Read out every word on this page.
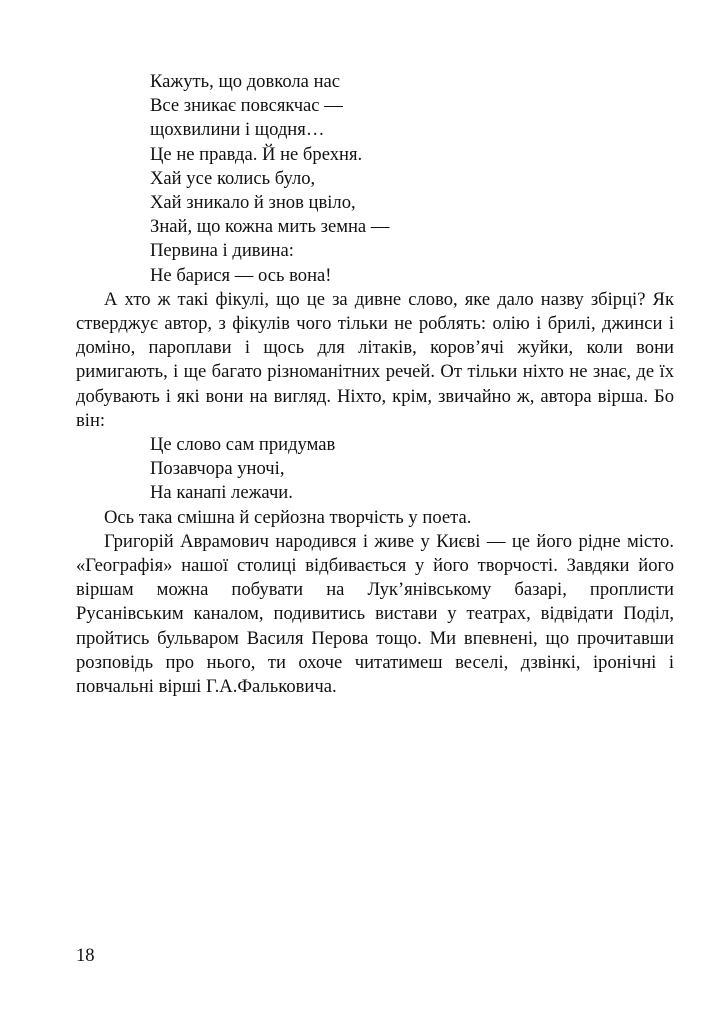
Кажуть, що довкола нас
Все зникає повсякчас —
щохвилини і щодня…
Це не правда. Й не брехня.
Хай усе колись було,
Хай зникало й знов цвіло,
Знай, що кожна мить земна —
Первина і дивина:
Не барися — ось вона!

А хто ж такі фікулі, що це за дивне слово, яке дало назву збірці? Як стверджує автор, з фікулів чого тільки не роблять: олію і брилі, джинси і доміно, пароплави і щось для літаків, коров’ячі жуйки, коли вони римигають, і ще багато різноманітних речей. От тільки ніхто не знає, де їх добувають і які вони на вигляд. Ніхто, крім, звичайно ж, автора вірша. Бо він:

Це слово сам придумав
Позавчора уночі,
На канапі лежачи.

Ось така смішна й серйозна творчість у поета.

Григорій Аврамович народився і живе у Києві — це його рідне місто. «Географія» нашої столиці відбивається у його творчості. Завдяки його віршам можна побувати на Лук’янівському базарі, проплисти Русанівським каналом, подивитись вистави у театрах, відвідати Поділ, пройтись бульваром Василя Перова тощо. Ми впевнені, що прочитавши розповідь про нього, ти охоче читатимеш веселі, дзвінкі, іронічні і повчальні вірші Г.А.Фальковича.

18
